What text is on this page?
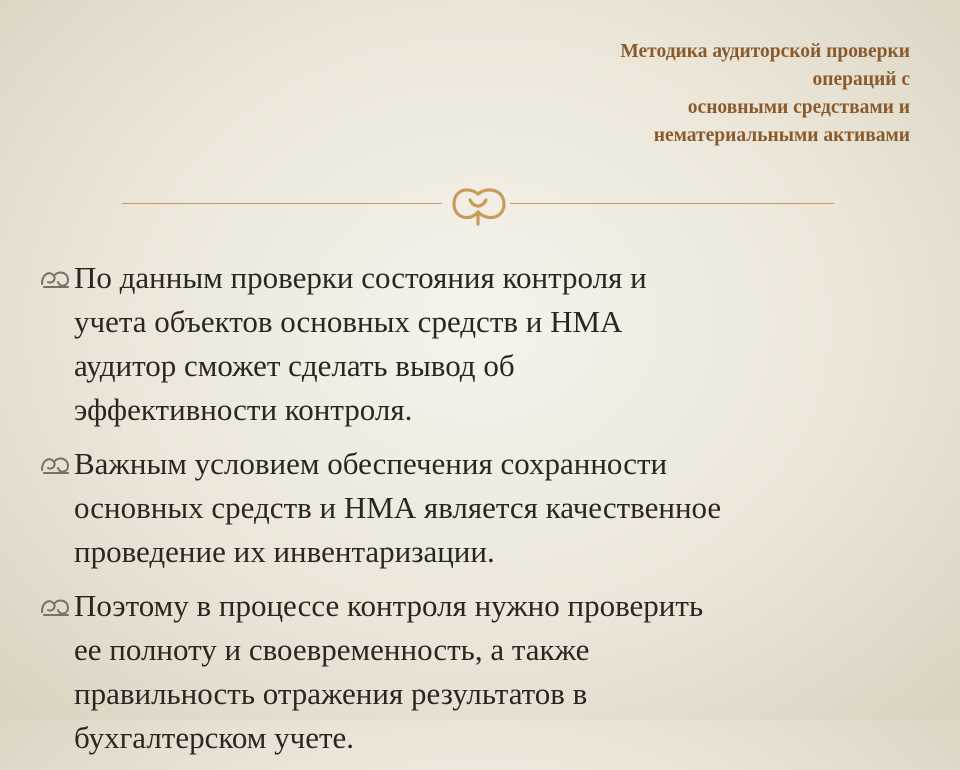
Методика аудиторской проверки
операций с
основными средствами и
нематериальными активами
По данным проверки состояния контроля и
учета объектов основных средств и НМА
аудитор сможет сделать вывод об
эффективности контроля.
Важным условием обеспечения сохранности
основных средств и НМА является качественное
проведение их инвентаризации.
Поэтому в процессе контроля нужно проверить
ее полноту и своевременность, а также
правильность отражения результатов в
бухгалтерском учете.
